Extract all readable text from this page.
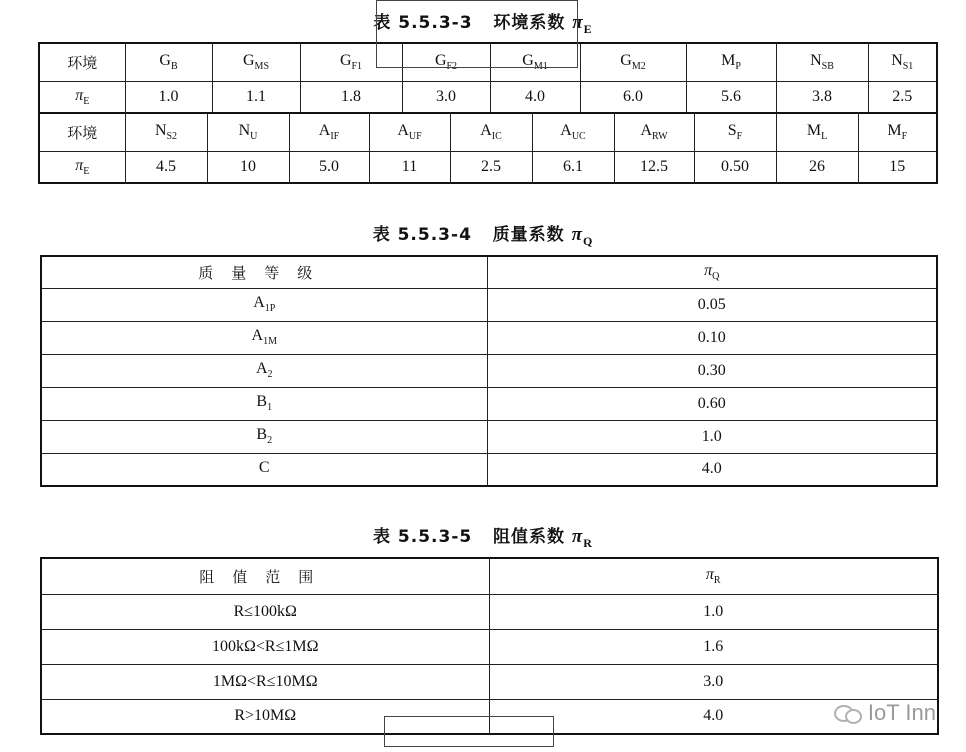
表 5.5.3-3 环境系数 $\pi_E$
环境	$G_B$	$G_{MS}$	$G_{F1}$	$G_{F2}$	$G_{M1}$	$G_{M2}$	$M_P$	$N_{SB}$	$N_{S1}$
$\pi_E$	1.0	1.1	1.8	3.0	4.0	6.0	5.6	3.8	2.5
环境	$N_{S2}$	$N_U$	$A_{IF}$	$A_{UF}$	$A_{IC}$	$A_{UC}$	$A_{RW}$	$S_F$	$M_L$	$M_F$
$\pi_E$	4.5	10	5.0	11	2.5	6.1	12.5	0.50	26	15
表 5.5.3-4 质量系数 $\pi_Q$
质量等级	$\pi_Q$
$A_{1P}$	0.05
$A_{1M}$	0.10
$A_2$	0.30
$B_1$	0.60
$B_2$	1.0
C	4.0
表 5.5.3-5 阻值系数 $\pi_R$
阻值范围	$\pi_R$
R≤100kΩ	1.0
100kΩ<R≤1MΩ	1.6
1MΩ<R≤10MΩ	3.0
R>10MΩ	4.0	IoT Inn
